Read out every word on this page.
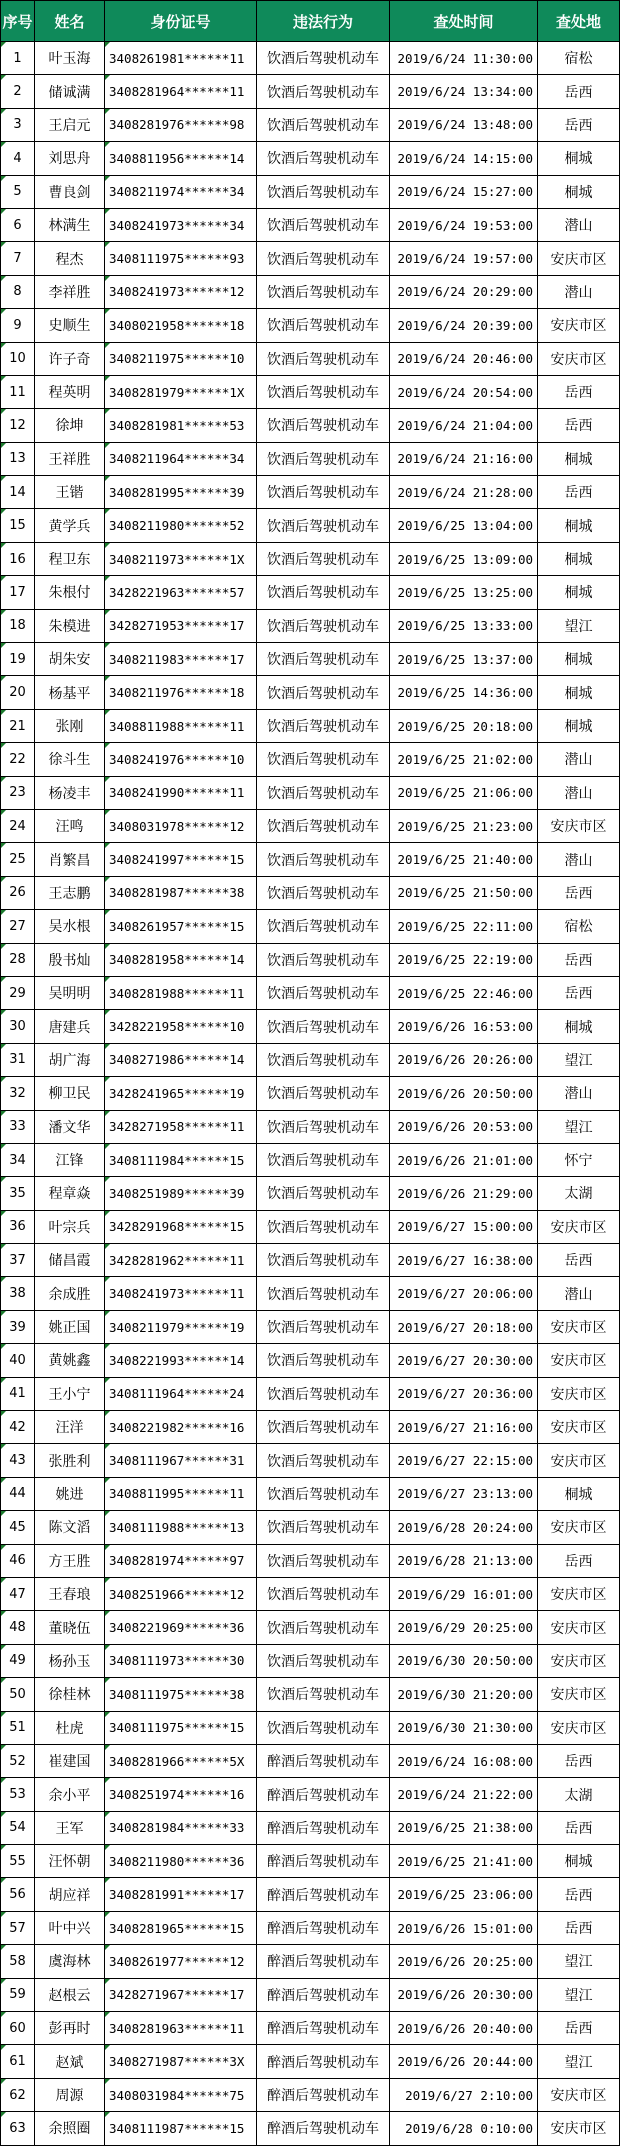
序号	姓名	身份证号	违法行为	查处时间	查处地
1	叶玉海	3408261981******11	饮酒后驾驶机动车	2019/6/24 11:30:00	宿松
2	储诚满	3408281964******11	饮酒后驾驶机动车	2019/6/24 13:34:00	岳西
3	王启元	3408281976******98	饮酒后驾驶机动车	2019/6/24 13:48:00	岳西
4	刘思舟	3408811956******14	饮酒后驾驶机动车	2019/6/24 14:15:00	桐城
5	曹良剑	3408211974******34	饮酒后驾驶机动车	2019/6/24 15:27:00	桐城
6	林满生	3408241973******34	饮酒后驾驶机动车	2019/6/24 19:53:00	潜山
7	程杰	3408111975******93	饮酒后驾驶机动车	2019/6/24 19:57:00	安庆市区
8	李祥胜	3408241973******12	饮酒后驾驶机动车	2019/6/24 20:29:00	潜山
9	史顺生	3408021958******18	饮酒后驾驶机动车	2019/6/24 20:39:00	安庆市区
10	许子奇	3408211975******10	饮酒后驾驶机动车	2019/6/24 20:46:00	安庆市区
11	程英明	3408281979******1X	饮酒后驾驶机动车	2019/6/24 20:54:00	岳西
12	徐坤	3408281981******53	饮酒后驾驶机动车	2019/6/24 21:04:00	岳西
13	王祥胜	3408211964******34	饮酒后驾驶机动车	2019/6/24 21:16:00	桐城
14	王锴	3408281995******39	饮酒后驾驶机动车	2019/6/24 21:28:00	岳西
15	黄学兵	3408211980******52	饮酒后驾驶机动车	2019/6/25 13:04:00	桐城
16	程卫东	3408211973******1X	饮酒后驾驶机动车	2019/6/25 13:09:00	桐城
17	朱根付	3428221963******57	饮酒后驾驶机动车	2019/6/25 13:25:00	桐城
18	朱模进	3428271953******17	饮酒后驾驶机动车	2019/6/25 13:33:00	望江
19	胡朱安	3408211983******17	饮酒后驾驶机动车	2019/6/25 13:37:00	桐城
20	杨基平	3408211976******18	饮酒后驾驶机动车	2019/6/25 14:36:00	桐城
21	张刚	3408811988******11	饮酒后驾驶机动车	2019/6/25 20:18:00	桐城
22	徐斗生	3408241976******10	饮酒后驾驶机动车	2019/6/25 21:02:00	潜山
23	杨凌丰	3408241990******11	饮酒后驾驶机动车	2019/6/25 21:06:00	潜山
24	汪鸣	3408031978******12	饮酒后驾驶机动车	2019/6/25 21:23:00	安庆市区
25	肖繁昌	3408241997******15	饮酒后驾驶机动车	2019/6/25 21:40:00	潜山
26	王志鹏	3408281987******38	饮酒后驾驶机动车	2019/6/25 21:50:00	岳西
27	吴水根	3408261957******15	饮酒后驾驶机动车	2019/6/25 22:11:00	宿松
28	殷书灿	3408281958******14	饮酒后驾驶机动车	2019/6/25 22:19:00	岳西
29	吴明明	3408281988******11	饮酒后驾驶机动车	2019/6/25 22:46:00	岳西
30	唐建兵	3428221958******10	饮酒后驾驶机动车	2019/6/26 16:53:00	桐城
31	胡广海	3408271986******14	饮酒后驾驶机动车	2019/6/26 20:26:00	望江
32	柳卫民	3428241965******19	饮酒后驾驶机动车	2019/6/26 20:50:00	潜山
33	潘文华	3428271958******11	饮酒后驾驶机动车	2019/6/26 20:53:00	望江
34	江锋	3408111984******15	饮酒后驾驶机动车	2019/6/26 21:01:00	怀宁
35	程章焱	3408251989******39	饮酒后驾驶机动车	2019/6/26 21:29:00	太湖
36	叶宗兵	3428291968******15	饮酒后驾驶机动车	2019/6/27 15:00:00	安庆市区
37	储昌霞	3428281962******11	饮酒后驾驶机动车	2019/6/27 16:38:00	岳西
38	余成胜	3408241973******11	饮酒后驾驶机动车	2019/6/27 20:06:00	潜山
39	姚正国	3408211979******19	饮酒后驾驶机动车	2019/6/27 20:18:00	安庆市区
40	黄姚鑫	3408221993******14	饮酒后驾驶机动车	2019/6/27 20:30:00	安庆市区
41	王小宁	3408111964******24	饮酒后驾驶机动车	2019/6/27 20:36:00	安庆市区
42	汪洋	3408221982******16	饮酒后驾驶机动车	2019/6/27 21:16:00	安庆市区
43	张胜利	3408111967******31	饮酒后驾驶机动车	2019/6/27 22:15:00	安庆市区
44	姚进	3408811995******11	饮酒后驾驶机动车	2019/6/27 23:13:00	桐城
45	陈文滔	3408111988******13	饮酒后驾驶机动车	2019/6/28 20:24:00	安庆市区
46	方王胜	3408281974******97	饮酒后驾驶机动车	2019/6/28 21:13:00	岳西
47	王春琅	3408251966******12	饮酒后驾驶机动车	2019/6/29 16:01:00	安庆市区
48	董晓伍	3408221969******36	饮酒后驾驶机动车	2019/6/29 20:25:00	安庆市区
49	杨孙玉	3408111973******30	饮酒后驾驶机动车	2019/6/30 20:50:00	安庆市区
50	徐桂林	3408111975******38	饮酒后驾驶机动车	2019/6/30 21:20:00	安庆市区
51	杜虎	3408111975******15	饮酒后驾驶机动车	2019/6/30 21:30:00	安庆市区
52	崔建国	3408281966******5X	醉酒后驾驶机动车	2019/6/24 16:08:00	岳西
53	余小平	3408251974******16	醉酒后驾驶机动车	2019/6/24 21:22:00	太湖
54	王军	3408281984******33	醉酒后驾驶机动车	2019/6/25 21:38:00	岳西
55	汪怀朝	3408211980******36	醉酒后驾驶机动车	2019/6/25 21:41:00	桐城
56	胡应祥	3408281991******17	醉酒后驾驶机动车	2019/6/25 23:06:00	岳西
57	叶中兴	3408281965******15	醉酒后驾驶机动车	2019/6/26 15:01:00	岳西
58	虞海林	3408261977******12	醉酒后驾驶机动车	2019/6/26 20:25:00	望江
59	赵根云	3428271967******17	醉酒后驾驶机动车	2019/6/26 20:30:00	望江
60	彭再时	3408281963******11	醉酒后驾驶机动车	2019/6/26 20:40:00	岳西
61	赵斌	3408271987******3X	醉酒后驾驶机动车	2019/6/26 20:44:00	望江
62	周源	3408031984******75	醉酒后驾驶机动车	2019/6/27 2:10:00	安庆市区
63	余照圈	3408111987******15	醉酒后驾驶机动车	2019/6/28 0:10:00	安庆市区
